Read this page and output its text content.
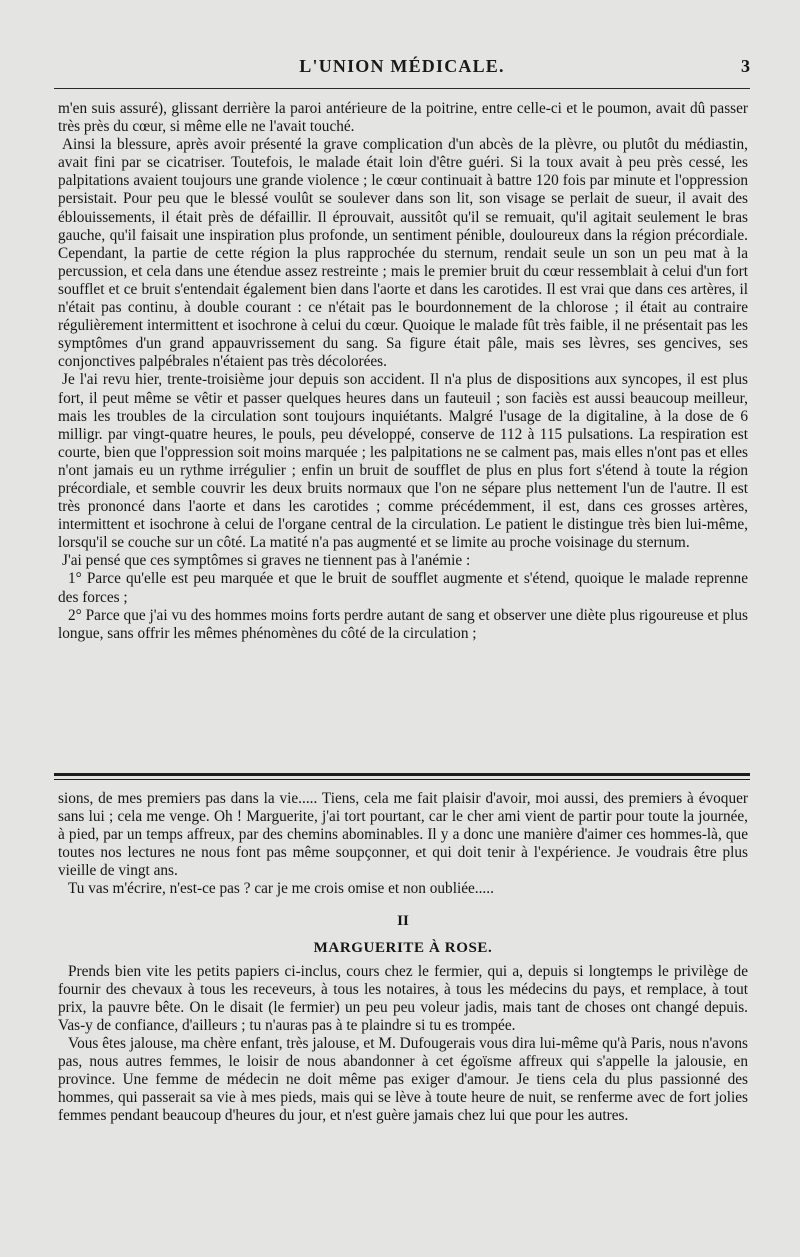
L'UNION MÉDICALE.	3

m'en suis assuré), glissant derrière la paroi antérieure de la poitrine, entre celle-ci et le poumon, avait dû passer très près du cœur, si même elle ne l'avait touché.

Ainsi la blessure, après avoir présenté la grave complication d'un abcès de la plèvre, ou plutôt du médiastin, avait fini par se cicatriser. Toutefois, le malade était loin d'être guéri. Si la toux avait à peu près cessé, les palpitations avaient toujours une grande violence ; le cœur continuait à battre 120 fois par minute et l'oppression persistait. Pour peu que le blessé voulût se soulever dans son lit, son visage se perlait de sueur, il avait des éblouissements, il était près de défaillir. Il éprouvait, aussitôt qu'il se remuait, qu'il agitait seulement le bras gauche, qu'il faisait une inspiration plus profonde, un sentiment pénible, douloureux dans la région précordiale. Cependant, la partie de cette région la plus rapprochée du sternum, rendait seule un son un peu mat à la percussion, et cela dans une étendue assez restreinte ; mais le premier bruit du cœur ressemblait à celui d'un fort soufflet et ce bruit s'entendait également bien dans l'aorte et dans les carotides. Il est vrai que dans ces artères, il n'était pas continu, à double courant : ce n'était pas le bourdonnement de la chlorose ; il était au contraire régulièrement intermittent et isochrone à celui du cœur. Quoique le malade fût très faible, il ne présentait pas les symptômes d'un grand appauvrissement du sang. Sa figure était pâle, mais ses lèvres, ses gencives, ses conjonctives palpébrales n'étaient pas très décolorées.

Je l'ai revu hier, trente-troisième jour depuis son accident. Il n'a plus de dispositions aux syncopes, il est plus fort, il peut même se vêtir et passer quelques heures dans un fauteuil ; son faciès est aussi beaucoup meilleur, mais les troubles de la circulation sont toujours inquiétants. Malgré l'usage de la digitaline, à la dose de 6 milligr. par vingt-quatre heures, le pouls, peu développé, conserve de 112 à 115 pulsations. La respiration est courte, bien que l'oppression soit moins marquée ; les palpitations ne se calment pas, mais elles n'ont pas et elles n'ont jamais eu un rythme irrégulier ; enfin un bruit de soufflet de plus en plus fort s'étend à toute la région précordiale, et semble couvrir les deux bruits normaux que l'on ne sépare plus nettement l'un de l'autre. Il est très prononcé dans l'aorte et dans les carotides ; comme précédemment, il est, dans ces grosses artères, intermittent et isochrone à celui de l'organe central de la circulation. Le patient le distingue très bien lui-même, lorsqu'il se couche sur un côté. La matité n'a pas augmenté et se limite au proche voisinage du sternum.

J'ai pensé que ces symptômes si graves ne tiennent pas à l'anémie :

1° Parce qu'elle est peu marquée et que le bruit de soufflet augmente et s'étend, quoique le malade reprenne des forces ;

2° Parce que j'ai vu des hommes moins forts perdre autant de sang et observer une diète plus rigoureuse et plus longue, sans offrir les mêmes phénomènes du côté de la circulation ;

sions, de mes premiers pas dans la vie..... Tiens, cela me fait plaisir d'avoir, moi aussi, des premiers à évoquer sans lui ; cela me venge. Oh ! Marguerite, j'ai tort pourtant, car le cher ami vient de partir pour toute la journée, à pied, par un temps affreux, par des chemins abominables. Il y a donc une manière d'aimer ces hommes-là, que toutes nos lectures ne nous font pas même soupçonner, et qui doit tenir à l'expérience. Je voudrais être plus vieille de vingt ans.

Tu vas m'écrire, n'est-ce pas ? car je me crois omise et non oubliée.....

II
MARGUERITE À ROSE.

Prends bien vite les petits papiers ci-inclus, cours chez le fermier, qui a, depuis si longtemps le privilège de fournir des chevaux à tous les receveurs, à tous les notaires, à tous les médecins du pays, et remplace, à tout prix, la pauvre bête. On le disait (le fermier) un peu peu voleur jadis, mais tant de choses ont changé depuis. Vas-y de confiance, d'ailleurs ; tu n'auras pas à te plaindre si tu es trompée.

Vous êtes jalouse, ma chère enfant, très jalouse, et M. Dufougerais vous dira lui-même qu'à Paris, nous n'avons pas, nous autres femmes, le loisir de nous abandonner à cet égoïsme affreux qui s'appelle la jalousie, en province. Une femme de médecin ne doit même pas exiger d'amour. Je tiens cela du plus passionné des hommes, qui passerait sa vie à mes pieds, mais qui se lève à toute heure de nuit, se renferme avec de fort jolies femmes pendant beaucoup d'heures du jour, et n'est guère jamais chez lui que pour les autres.
